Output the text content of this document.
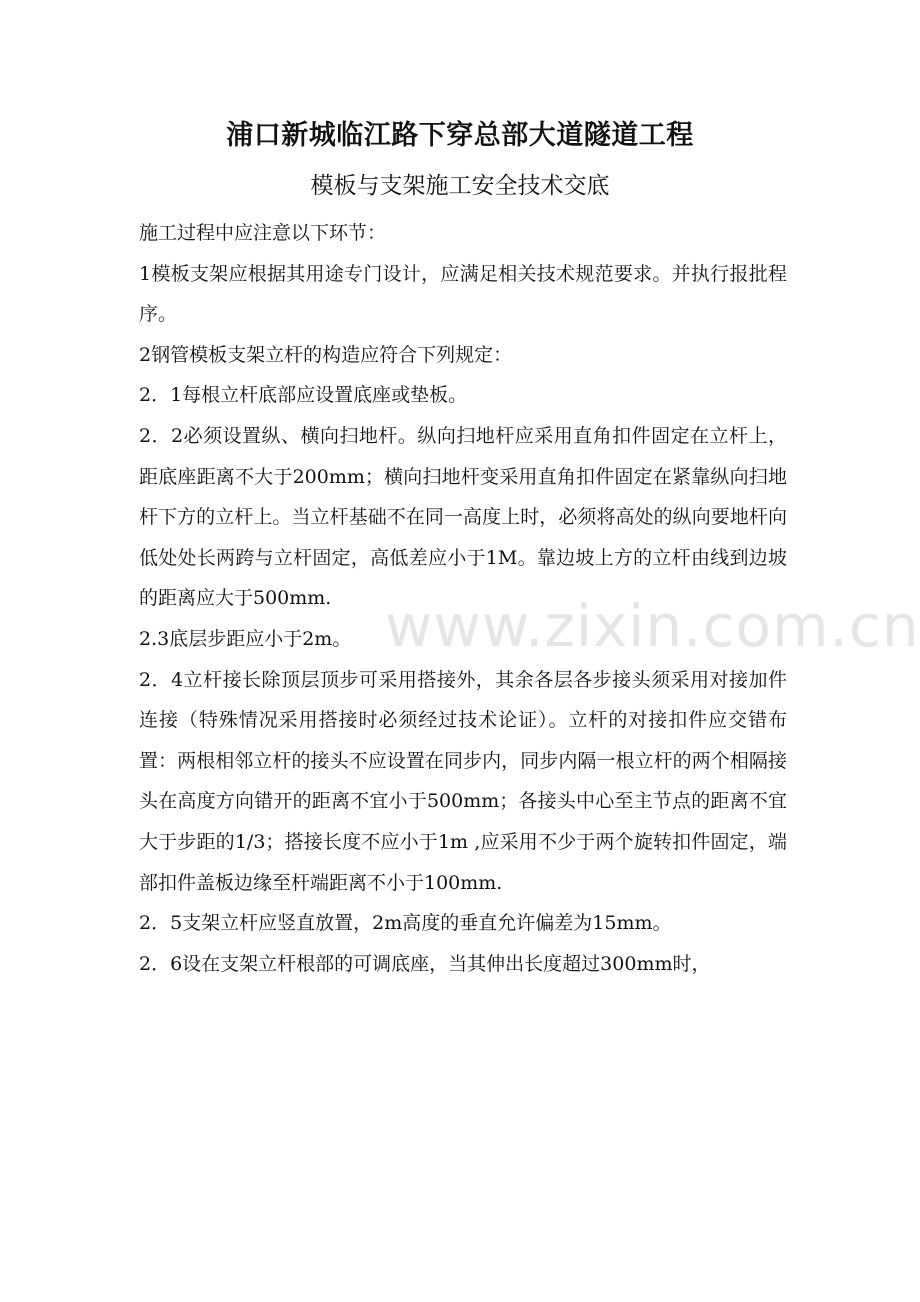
浦口新城临江路下穿总部大道隧道工程
模板与支架施工安全技术交底

施工过程中应注意以下环节：

1模板支架应根据其用途专门设计，应满足相关技术规范要求。并执行报批程序。

2钢管模板支架立杆的构造应符合下列规定：

2．1每根立杆底部应设置底座或垫板。

2．2必须设置纵、横向扫地杆。纵向扫地杆应采用直角扣件固定在立杆上，距底座距离不大于200mm；横向扫地杆变采用直角扣件固定在紧靠纵向扫地杆下方的立杆上。当立杆基础不在同一高度上时，必须将高处的纵向要地杆向低处处长两跨与立杆固定，高低差应小于1M。靠边坡上方的立杆由线到边坡的距离应大于500mm.

2.3底层步距应小于2m。

2．4立杆接长除顶层顶步可采用搭接外，其余各层各步接头须采用对接加件连接（特殊情况采用搭接时必须经过技术论证）。立杆的对接扣件应交错布置：两根相邻立杆的接头不应设置在同步内，同步内隔一根立杆的两个相隔接头在高度方向错开的距离不宜小于500mm；各接头中心至主节点的距离不宜大于步距的1/3；搭接长度不应小于1m ,应采用不少于两个旋转扣件固定，端部扣件盖板边缘至杆端距离不小于100mm.

2．5支架立杆应竖直放置，2m高度的垂直允许偏差为15mm。

2．6设在支架立杆根部的可调底座，当其伸出长度超过300mm时，

www.zixin.com.cn
